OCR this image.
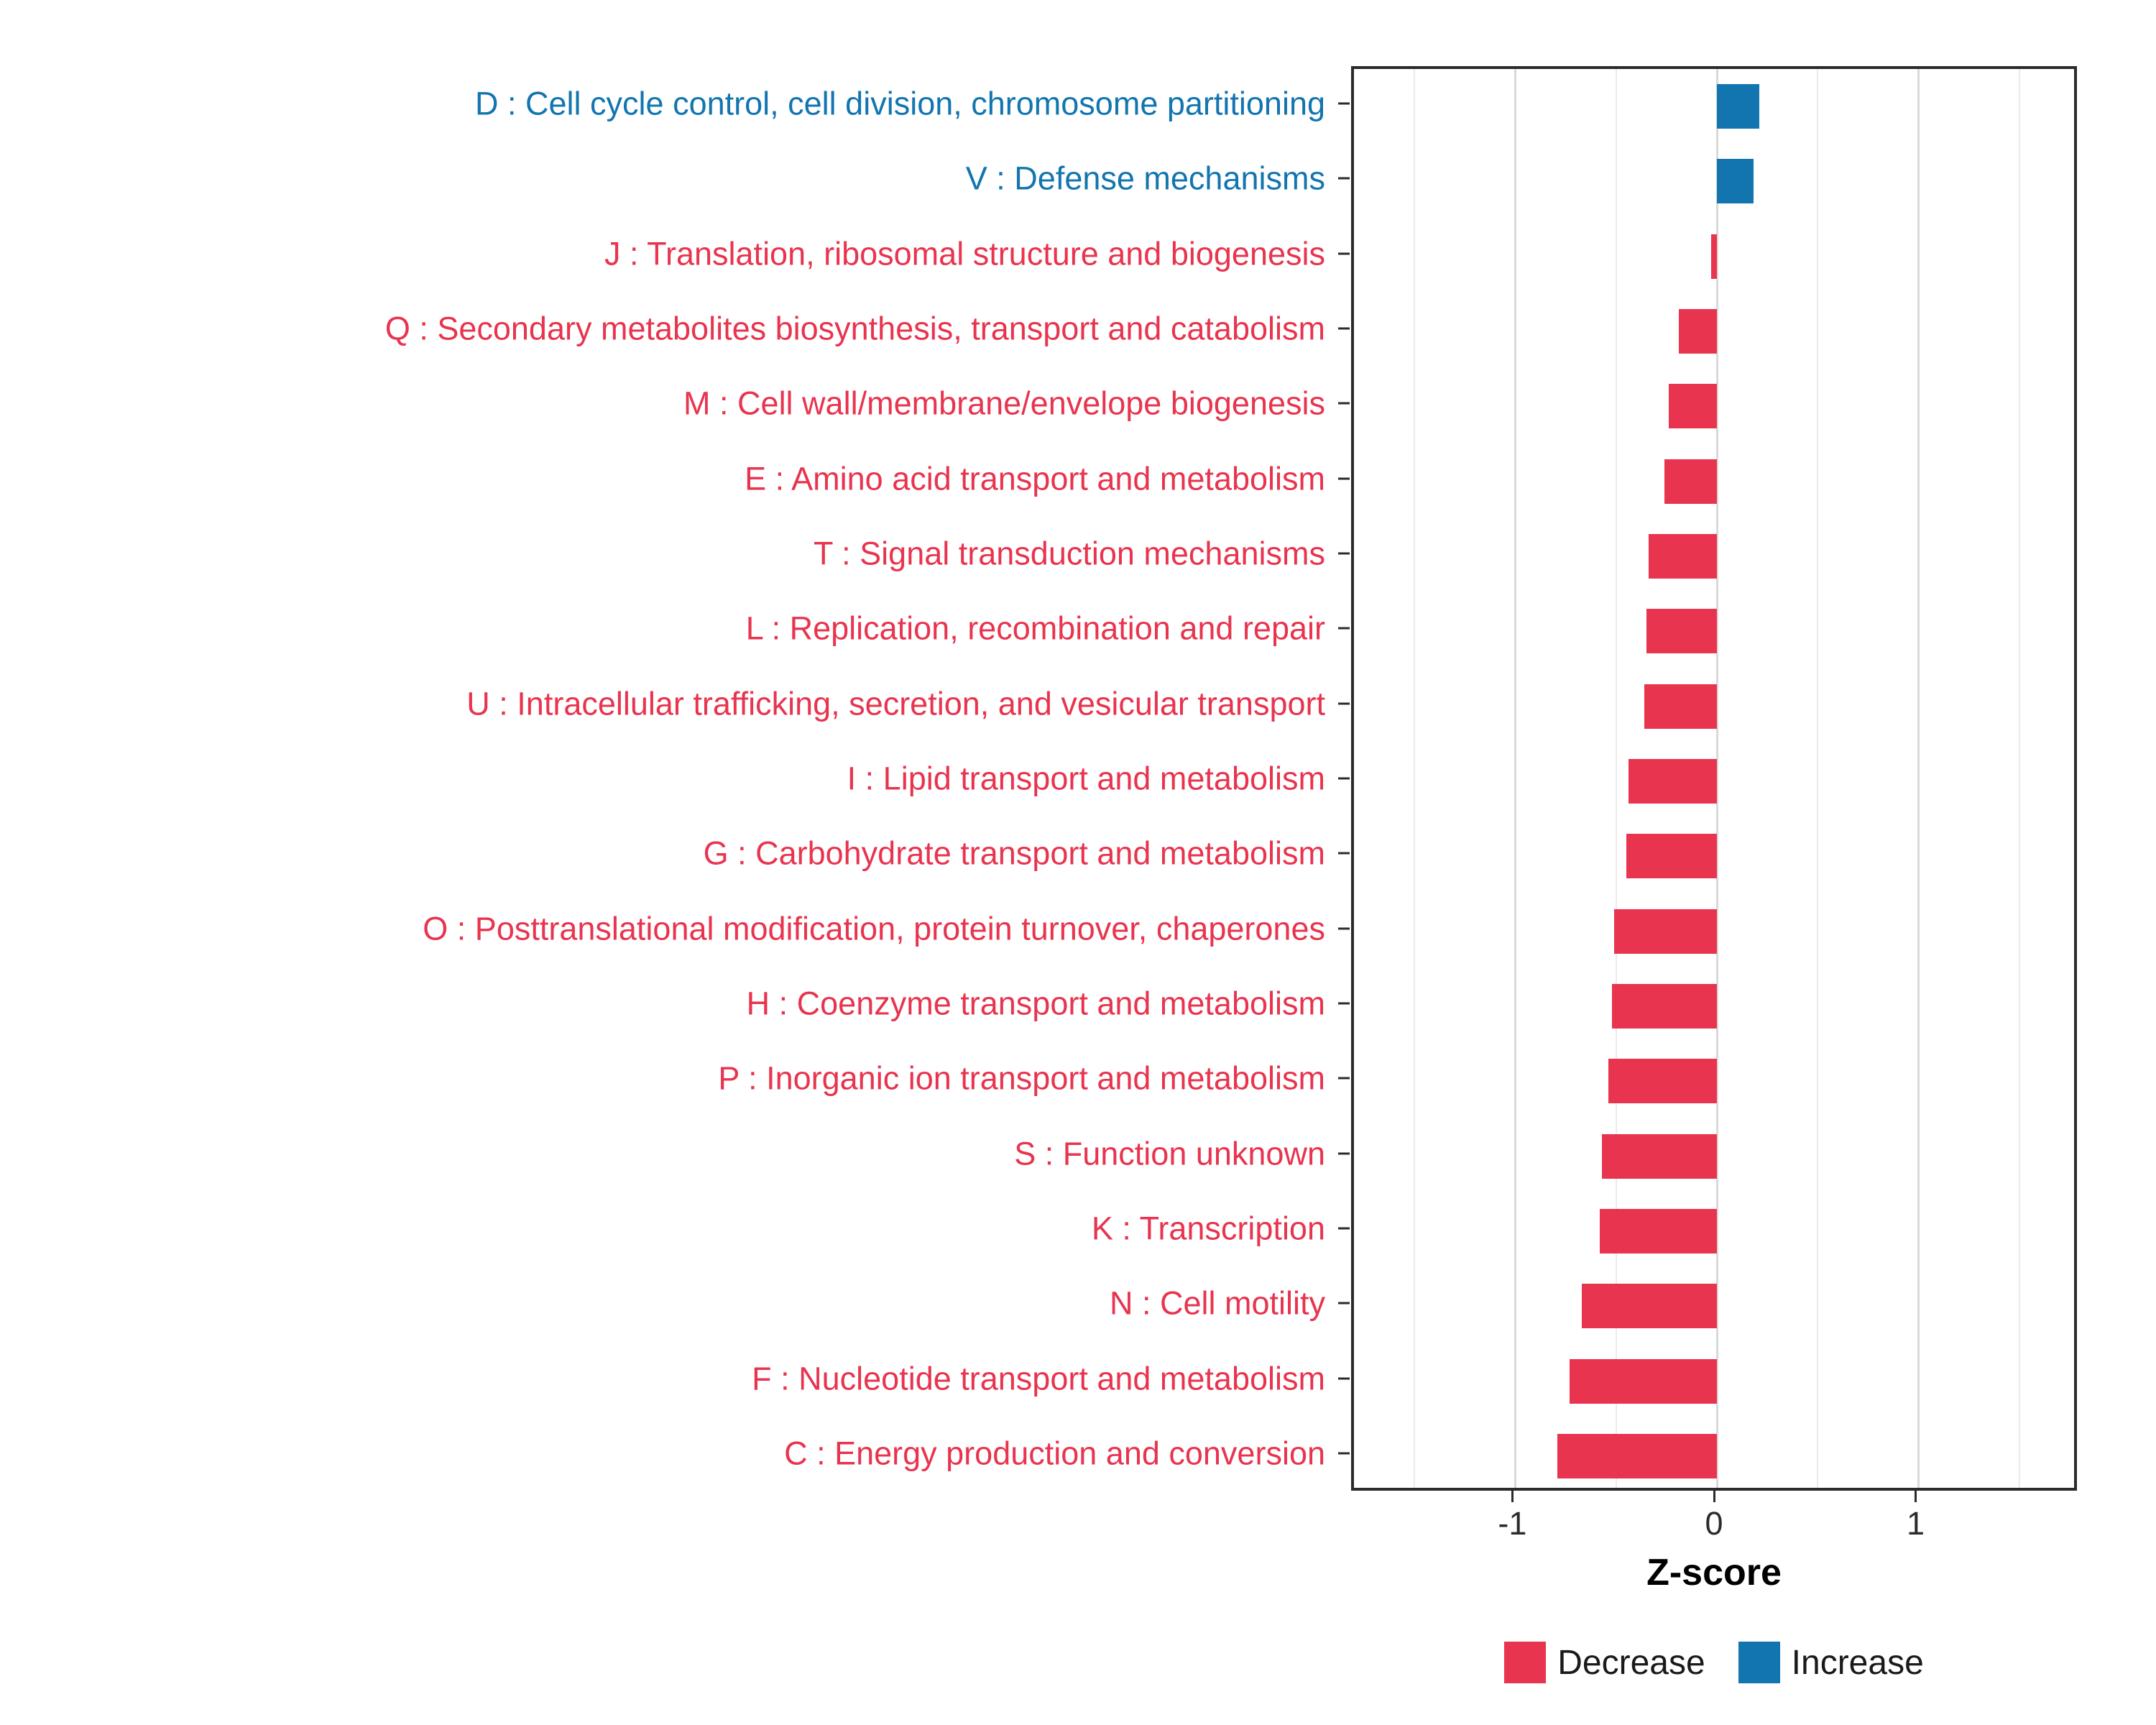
D : Cell cycle control, cell division, chromosome partitioning
V : Defense mechanisms
J : Translation, ribosomal structure and biogenesis
Q : Secondary metabolites biosynthesis, transport and catabolism
M : Cell wall/membrane/envelope biogenesis
E : Amino acid transport and metabolism
T : Signal transduction mechanisms
L : Replication, recombination and repair
U : Intracellular trafficking, secretion, and vesicular transport
I : Lipid transport and metabolism
G : Carbohydrate transport and metabolism
O : Posttranslational modification, protein turnover, chaperones
H : Coenzyme transport and metabolism
P : Inorganic ion transport and metabolism
S : Function unknown
K : Transcription
N : Cell motility
F : Nucleotide transport and metabolism
C : Energy production and conversion
-1	0	1
Z-score
Decrease	Increase
